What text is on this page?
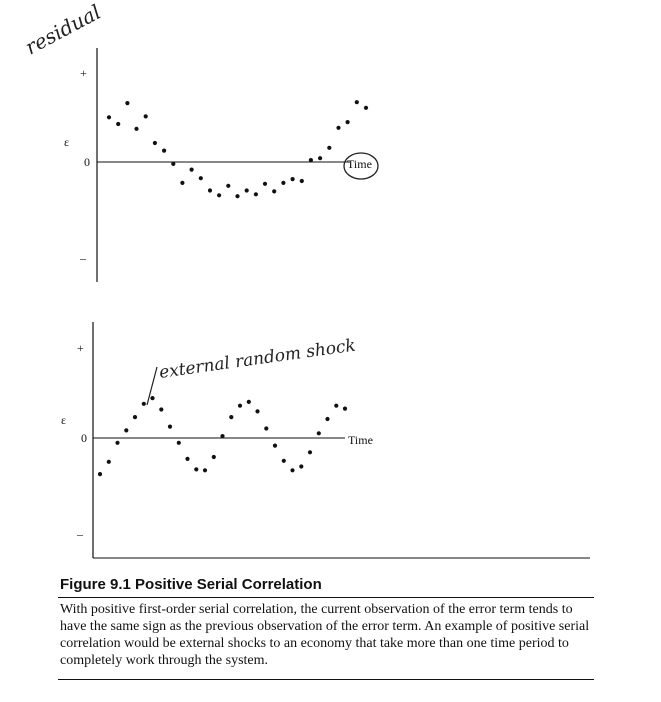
residual
+
0
–
ε
Time
external random shock
+
0
–
ε
Time
Figure 9.1 Positive Serial Correlation
With positive first-order serial correlation, the current observation of the error term tends to have the same sign as the previous observation of the error term. An example of positive serial correlation would be external shocks to an economy that take more than one time period to completely work through the system.
